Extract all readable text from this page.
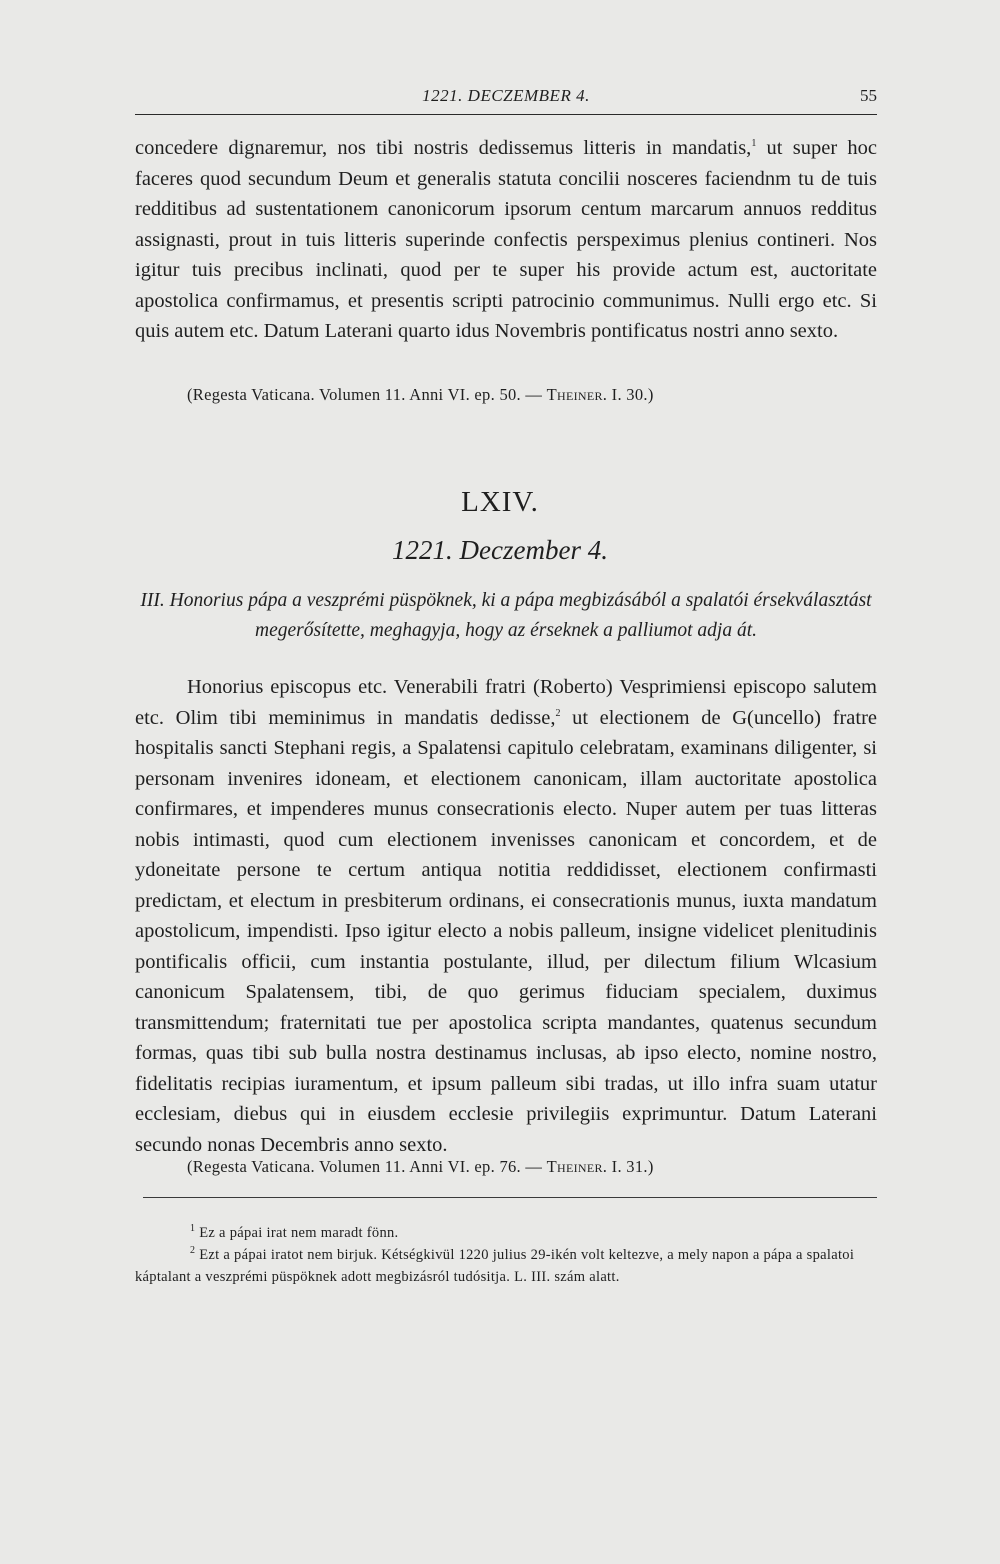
1221. DECZEMBER 4.	55
concedere dignaremur, nos tibi nostris dedissemus litteris in mandatis,$^1$ ut super hoc faceres quod secundum Deum et generalis statuta concilii nosceres faciendnm tu de tuis redditibus ad sustentationem canonicorum ipsorum centum marcarum annuos redditus assignasti, prout in tuis litteris superinde confectis perspeximus plenius contineri. Nos igitur tuis precibus inclinati, quod per te super his provide actum est, auctoritate apostolica confirmamus, et presentis scripti patrocinio communimus. Nulli ergo etc. Si quis autem etc. Datum Laterani quarto idus Novembris pontificatus nostri anno sexto.
(Regesta Vaticana. Volumen 11. Anni VI. ep. 50. — Theiner. I. 30.)
LXIV.
1221. Deczember 4.
III. Honorius pápa a veszprémi püspöknek, ki a pápa megbizásából a spalatói érsekválasztást megerősítette, meghagyja, hogy az érseknek a palliumot adja át.
Honorius episcopus etc. Venerabili fratri (Roberto) Vesprimiensi episcopo salutem etc. Olim tibi meminimus in mandatis dedisse,$^2$ ut electionem de G(uncello) fratre hospitalis sancti Stephani regis, a Spalatensi capitulo celebratam, examinans diligenter, si personam invenires idoneam, et electionem canonicam, illam auctoritate apostolica confirmares, et impenderes munus consecrationis electo. Nuper autem per tuas litteras nobis intimasti, quod cum electionem invenisses canonicam et concordem, et de ydoneitate persone te certum antiqua notitia reddidisset, electionem confirmasti predictam, et electum in presbiterum ordinans, ei consecrationis munus, iuxta mandatum apostolicum, impendisti. Ipso igitur electo a nobis palleum, insigne videlicet plenitudinis pontificalis officii, cum instantia postulante, illud, per dilectum filium Wlcasium canonicum Spalatensem, tibi, de quo gerimus fiduciam specialem, duximus transmittendum; fraternitati tue per apostolica scripta mandantes, quatenus secundum formas, quas tibi sub bulla nostra destinamus inclusas, ab ipso electo, nomine nostro, fidelitatis recipias iuramentum, et ipsum palleum sibi tradas, ut illo infra suam utatur ecclesiam, diebus qui in eiusdem ecclesie privilegiis exprimuntur. Datum Laterani secundo nonas Decembris anno sexto.
(Regesta Vaticana. Volumen 11. Anni VI. ep. 76. — Theiner. I. 31.)

$^1$ Ez a pápai irat nem maradt fönn.

$^2$ Ezt a pápai iratot nem birjuk. Kétségkivül 1220 julius 29-ikén volt keltezve, a mely napon a pápa a spalatoi káptalant a veszprémi püspöknek adott megbizásról tudósitja. L. III. szám alatt.
